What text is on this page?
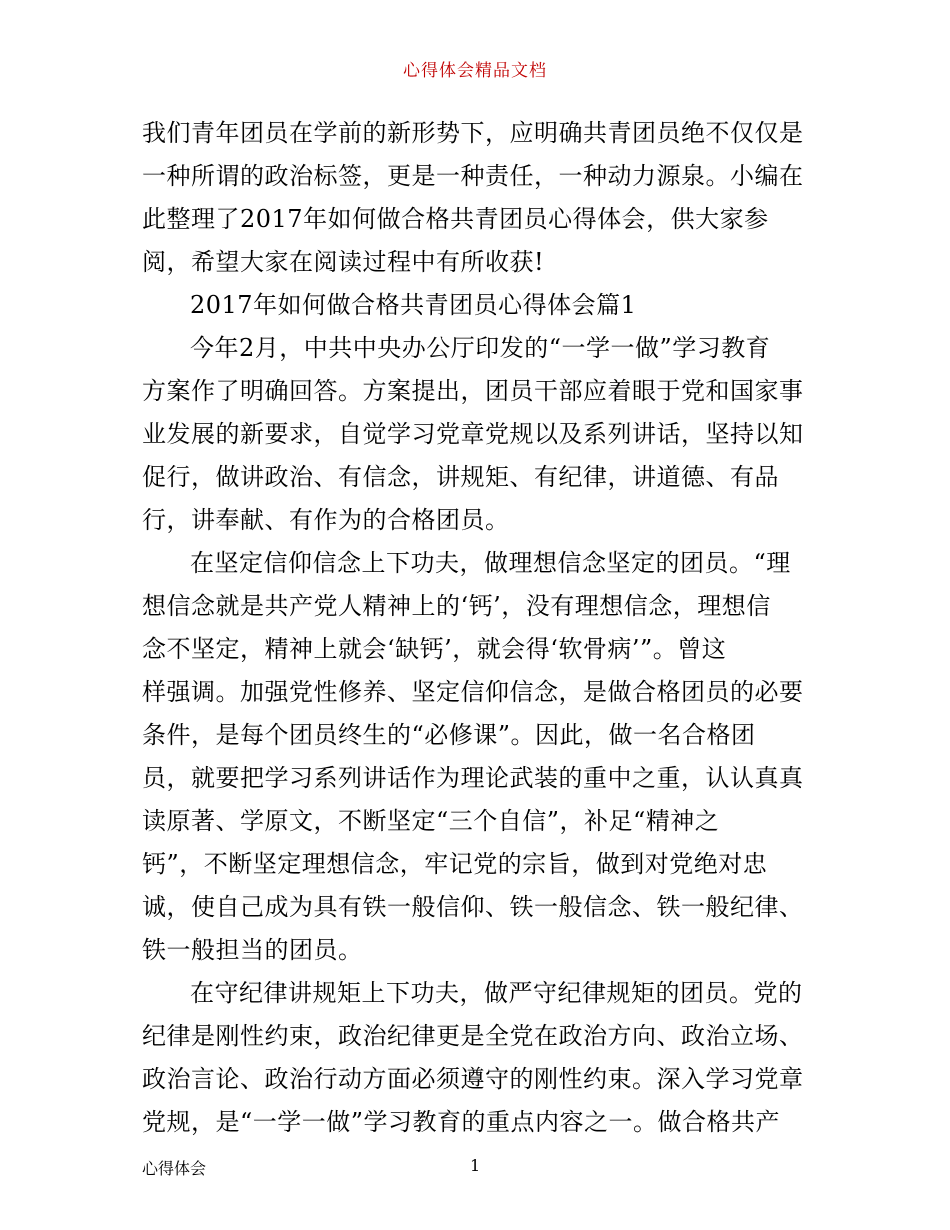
心得体会精品文档
我们青年团员在学前的新形势下，应明确共青团员绝不仅仅是
一种所谓的政治标签，更是一种责任，一种动力源泉。小编在
此整理了2017年如何做合格共青团员心得体会，供大家参
阅，希望大家在阅读过程中有所收获!
2017年如何做合格共青团员心得体会篇1
今年2月，中共中央办公厅印发的“一学一做”学习教育
方案作了明确回答。方案提出，团员干部应着眼于党和国家事
业发展的新要求，自觉学习党章党规以及系列讲话，坚持以知
促行，做讲政治、有信念，讲规矩、有纪律，讲道德、有品
行，讲奉献、有作为的合格团员。
在坚定信仰信念上下功夫，做理想信念坚定的团员。“理
想信念就是共产党人精神上的‘钙’，没有理想信念，理想信
念不坚定，精神上就会‘缺钙’，就会得‘软骨病’”。曾这
样强调。加强党性修养、坚定信仰信念，是做合格团员的必要
条件，是每个团员终生的“必修课”。因此，做一名合格团
员，就要把学习系列讲话作为理论武装的重中之重，认认真真
读原著、学原文，不断坚定“三个自信”，补足“精神之
钙”，不断坚定理想信念，牢记党的宗旨，做到对党绝对忠
诚，使自己成为具有铁一般信仰、铁一般信念、铁一般纪律、
铁一般担当的团员。
在守纪律讲规矩上下功夫，做严守纪律规矩的团员。党的
纪律是刚性约束，政治纪律更是全党在政治方向、政治立场、
政治言论、政治行动方面必须遵守的刚性约束。深入学习党章
党规，是“一学一做”学习教育的重点内容之一。做合格共产
心得体会	1
